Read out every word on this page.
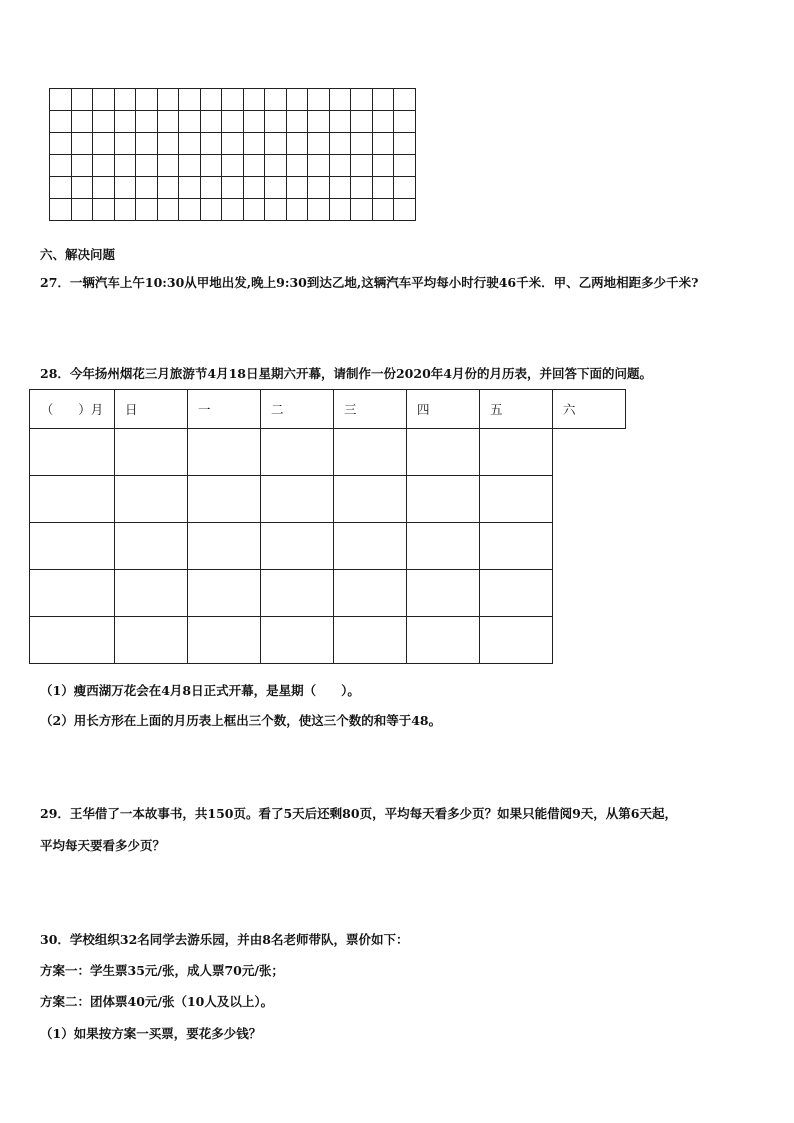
六、解决问题
27．一辆汽车上午10:30从甲地出发,晚上9:30到达乙地,这辆汽车平均每小时行驶46千米．甲、乙两地相距多少千米?
28．今年扬州烟花三月旅游节4月18日星期六开幕，请制作一份2020年4月份的月历表，并回答下面的问题。
（　　）月	日	一	二	三	四	五	六

（1）瘦西湖万花会在4月8日正式开幕，是星期（　　）。
（2）用长方形在上面的月历表上框出三个数，使这三个数的和等于48。
29．王华借了一本故事书，共150页。看了5天后还剩80页，平均每天看多少页？如果只能借阅9天，从第6天起，
平均每天要看多少页？
30．学校组织32名同学去游乐园，并由8名老师带队，票价如下：
方案一：学生票35元/张，成人票70元/张；
方案二：团体票40元/张（10人及以上）。
（1）如果按方案一买票，要花多少钱？
